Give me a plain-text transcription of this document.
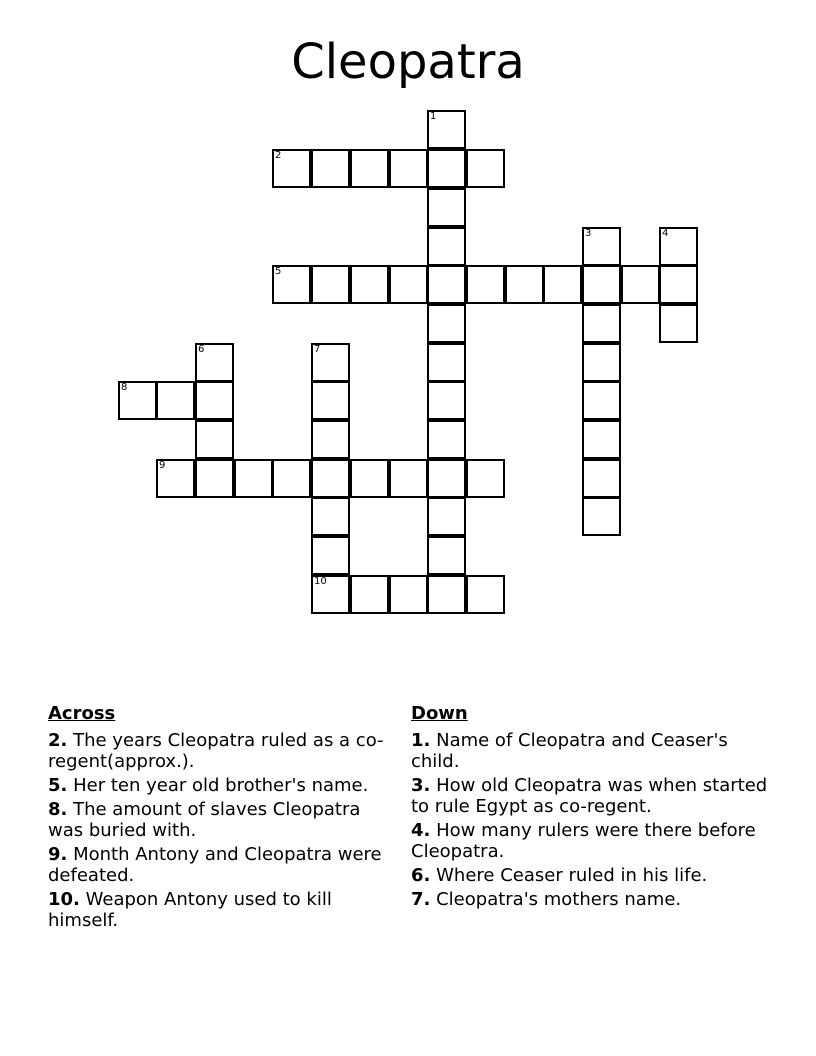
Cleopatra
1
2
3	4
5
6	7
8
9
10
Across
2. The years Cleopatra ruled as a co-regent(approx.).
5. Her ten year old brother's name.
8. The amount of slaves Cleopatra was buried with.
9. Month Antony and Cleopatra were defeated.
10. Weapon Antony used to kill himself.
Down
1. Name of Cleopatra and Ceaser's child.
3. How old Cleopatra was when started to rule Egypt as co-regent.
4. How many rulers were there before Cleopatra.
6. Where Ceaser ruled in his life.
7. Cleopatra's mothers name.
